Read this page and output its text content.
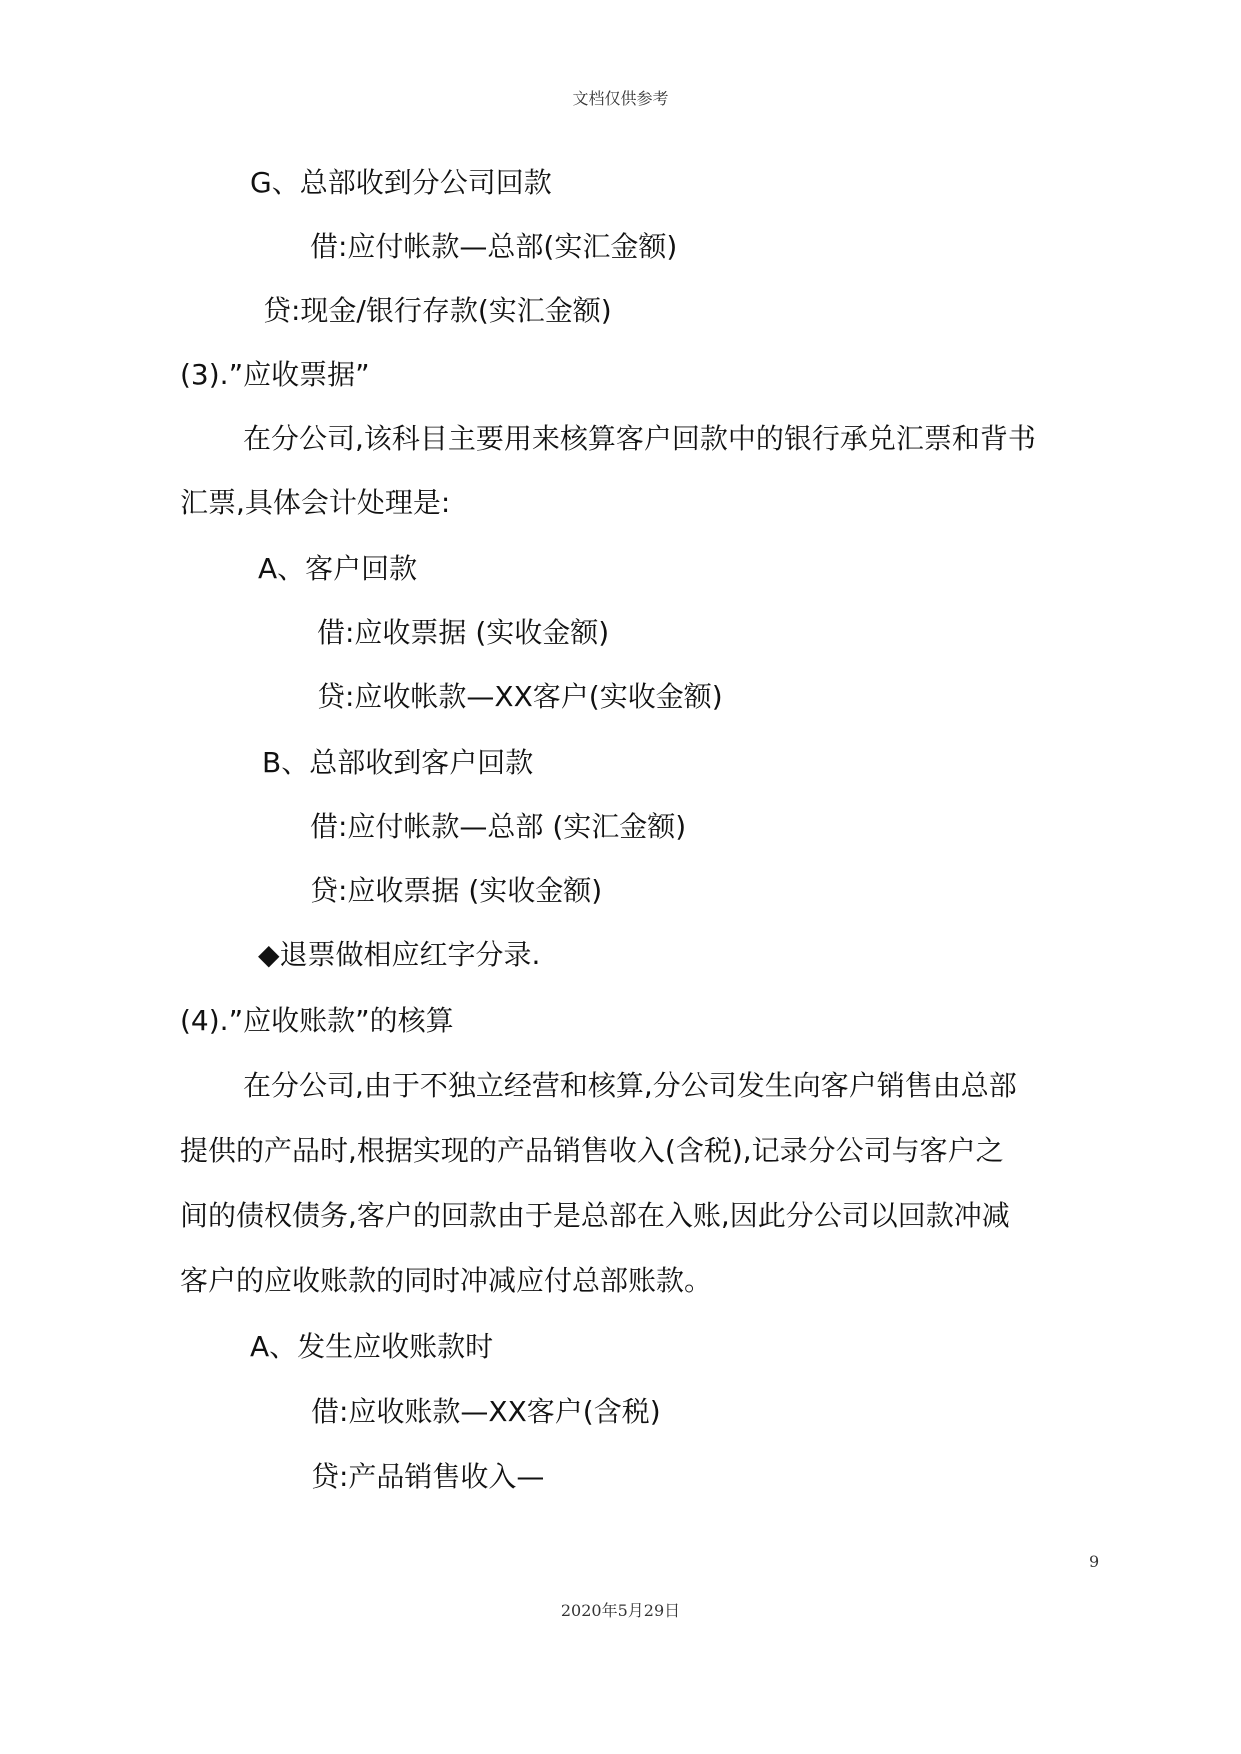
文档仅供参考
G、总部收到分公司回款
借:应付帐款—总部(实汇金额)
贷:现金/银行存款(实汇金额)
(3).”应收票据”
在分公司,该科目主要用来核算客户回款中的银行承兑汇票和背书
汇票,具体会计处理是:
A、客户回款
借:应收票据 (实收金额)
贷:应收帐款—XX客户(实收金额)
B、总部收到客户回款
借:应付帐款—总部 (实汇金额)
贷:应收票据 (实收金额)
◆退票做相应红字分录.
(4).”应收账款”的核算
在分公司,由于不独立经营和核算,分公司发生向客户销售由总部
提供的产品时,根据实现的产品销售收入(含税),记录分公司与客户之
间的债权债务,客户的回款由于是总部在入账,因此分公司以回款冲减
客户的应收账款的同时冲减应付总部账款。
A、发生应收账款时
借:应收账款—XX客户(含税)
贷:产品销售收入—
9
2020年5月29日
